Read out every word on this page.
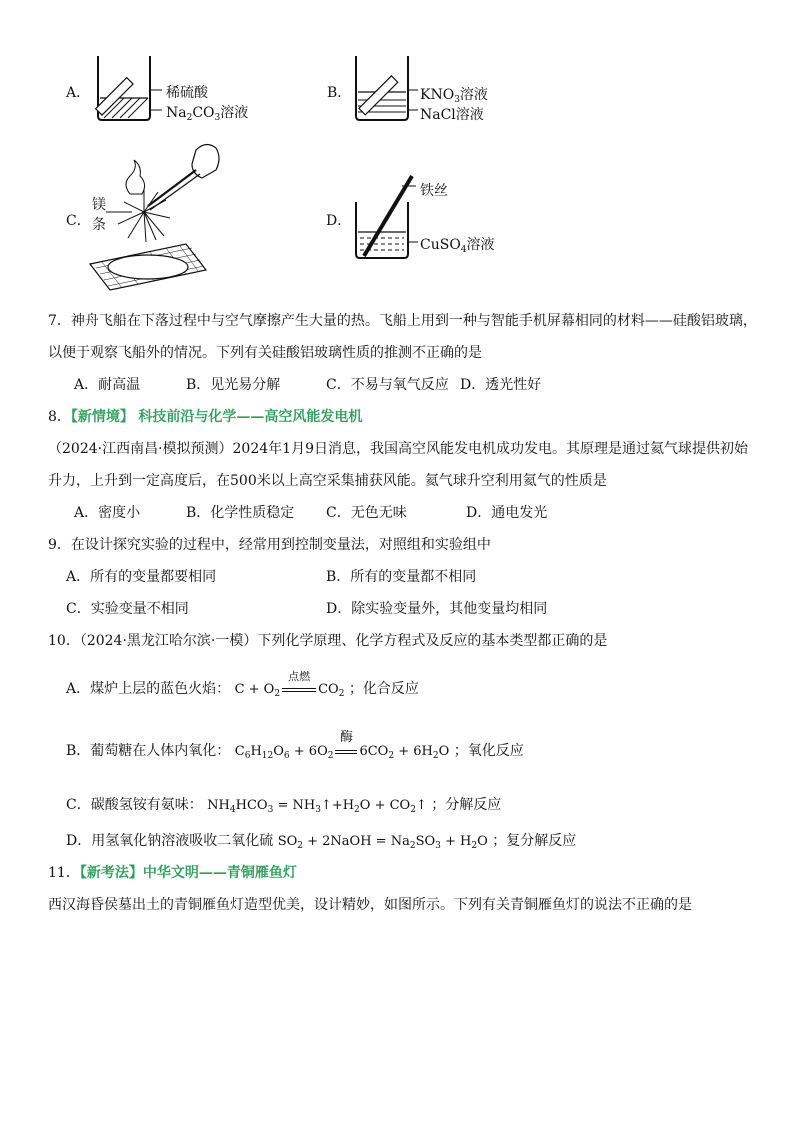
A．	稀硫酸
$Na_2CO_3$溶液
B．	$KNO_3$溶液
NaCl溶液
C．
镁
条	D．
铁丝
CuSO$_4$溶液
7．神舟飞船在下落过程中与空气摩擦产生大量的热。飞船上用到一种与智能手机屏幕相同的材料——硅酸铝玻璃，
以便于观察飞船外的情况。下列有关硅酸铝玻璃性质的推测不正确的是
A．耐高温	B．见光易分解	C．不易与氧气反应 D．透光性好
8．【新情境】 科技前沿与化学——高空风能发电机
（2024·江西南昌·模拟预测）2024年1月9日消息，我国高空风能发电机成功发电。其原理是通过氦气球提供初始
升力，上升到一定高度后，在500米以上高空采集捕获风能。氦气球升空利用氦气的性质是
A．密度小	B．化学性质稳定 C．无色无味	D．通电发光
9．在设计探究实验的过程中，经常用到控制变量法，对照组和实验组中
A．所有的变量都要相同	B．所有的变量都不相同
C．实验变量不相同	D．除实验变量外，其他变量均相同
10．（2024·黑龙江哈尔滨·一模）下列化学原理、化学方程式及反应的基本类型都正确的是
A．煤炉上层的蓝色火焰： $C + O_2$
点燃
$CO_2$ ；化合反应
B．葡萄糖在人体内氧化： $C_6H_{12}O_6 + 6O_2$
酶
$6CO_2 + 6H_2O$ ；氧化反应
C．碳酸氢铵有氨味： $NH_4HCO_3$ = $NH_3↑+H_2O$ + $CO_2↑$ ；分解反应
D．用氢氧化钠溶液吸收二氧化硫 $SO_2$ + 2NaOH = $Na_2SO_3 + H_2O$ ；复分解反应
11．【新考法】中华文明——青铜雁鱼灯
西汉海昏侯墓出土的青铜雁鱼灯造型优美，设计精妙，如图所示。下列有关青铜雁鱼灯的说法不正确的是
